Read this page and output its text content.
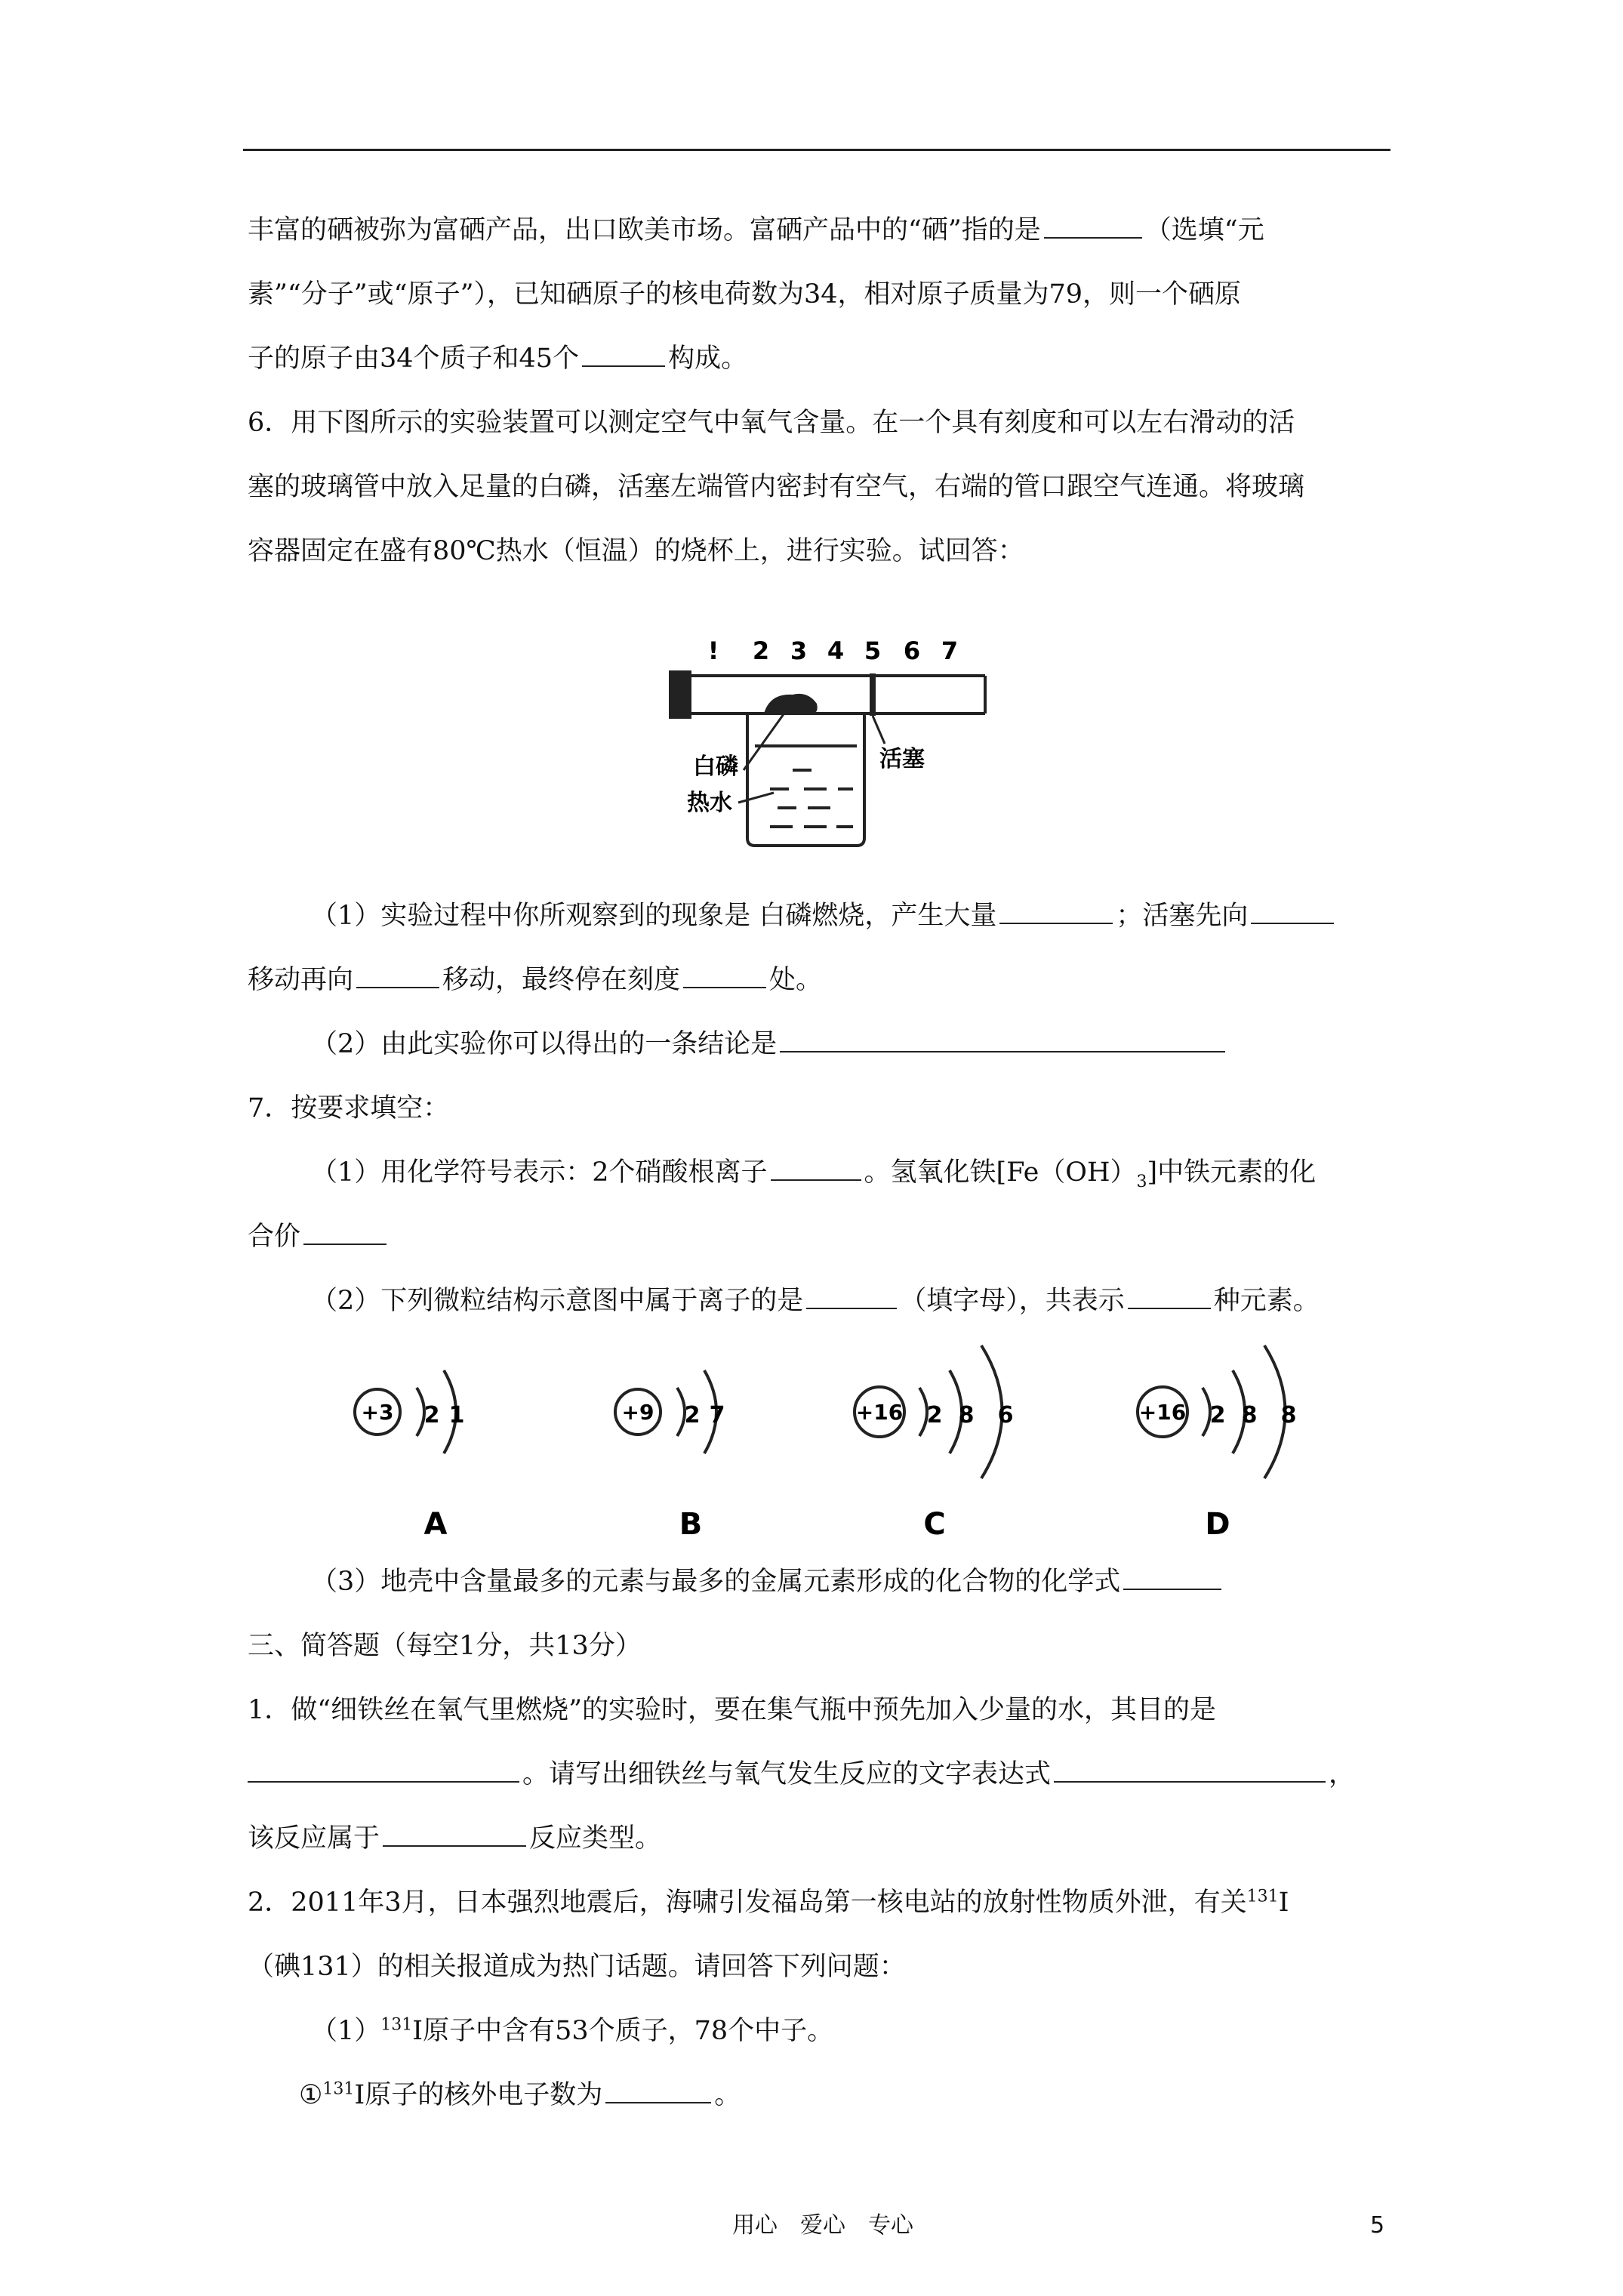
丰富的硒被弥为富硒产品，出口欧美市场。富硒产品中的“硒”指的是	（选填“元
素”“分子”或“原子”），已知硒原子的核电荷数为34，相对原子质量为79，则一个硒原
子的原子由34个质子和45个	构成。
6．用下图所示的实验装置可以测定空气中氧气含量。在一个具有刻度和可以左右滑动的活
塞的玻璃管中放入足量的白磷，活塞左端管内密封有空气，右端的管口跟空气连通。将玻璃
容器固定在盛有80℃热水（恒温）的烧杯上，进行实验。试回答：
! 2 3 4 5 6 7
白磷
热水
活塞
（1）实验过程中你所观察到的现象是 白磷燃烧，产生大量	；活塞先向
移动再向	移动，最终停在刻度	处。
（2）由此实验你可以得出的一条结论是
7．按要求填空：
（1）用化学符号表示：2个硝酸根离子	。氢氧化铁$[Fe(OH)_3]$中铁元素的化
合价
（2）下列微粒结构示意图中属于离子的是	（填字母），共表示	种元素。
+3 2 1
A
+9 2 7
B
+16 2 8 6
C
+16 2 8 8
D
（3）地壳中含量最多的元素与最多的金属元素形成的化合物的化学式
三、简答题（每空1分，共13分）
1．做“细铁丝在氧气里燃烧”的实验时，要在集气瓶中预先加入少量的水，其目的是
。请写出细铁丝与氧气发生反应的文字表达式	，
该反应属于	反应类型。
2．2011年3月，日本强烈地震后，海啸引发福岛第一核电站的放射性物质外泄，有关$^{131}$I
（碘131）的相关报道成为热门话题。请回答下列问题：
$(1)^{131}I$原子中含有53个质子，78个中子。
①$^{131}$I原子的核外电子数为	。
用心　爱心　专心	5
